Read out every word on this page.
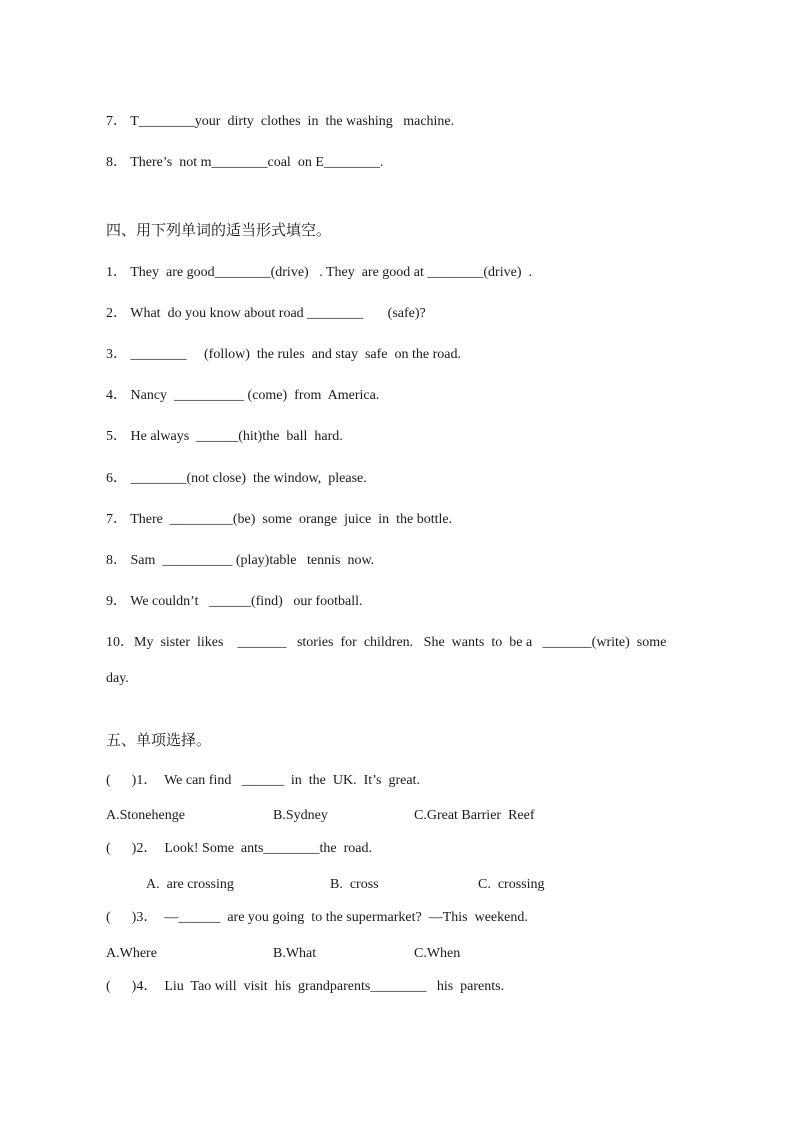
7． T________your  dirty  clothes  in  the washing   machine.
8． There’s  not m________coal  on E________.
四、用下列单词的适当形式填空。
1． They  are good________(drive)   . They  are good at ________(drive)  .
2． What  do you know about road ________       (safe)?
3． ________     (follow)  the rules  and stay  safe  on the road.
4． Nancy  __________ (come)  from  America.
5． He always  ______(hit)the  ball  hard.
6． ________(not close)  the window,  please.
7． There  _________(be)  some  orange  juice  in  the bottle.
8． Sam  __________ (play)table   tennis  now.
9． We couldn’t   ______(find)   our football.
10．My  sister  likes    _______   stories  for  children.   She  wants  to  be a   _______(write)  some
day.
五、单项选择。
(      )1．  We can find   ______  in  the  UK.  It’s  great.
A.Stonehenge	B.Sydney	C.Great Barrier  Reef
(      )2．  Look! Some  ants________the  road.
A.  are crossing	B.  cross	C.  crossing
(      )3．  —______  are you going  to the supermarket?  —This  weekend.
A.Where	B.What	C.When
(      )4．  Liu  Tao will  visit  his  grandparents________   his  parents.
